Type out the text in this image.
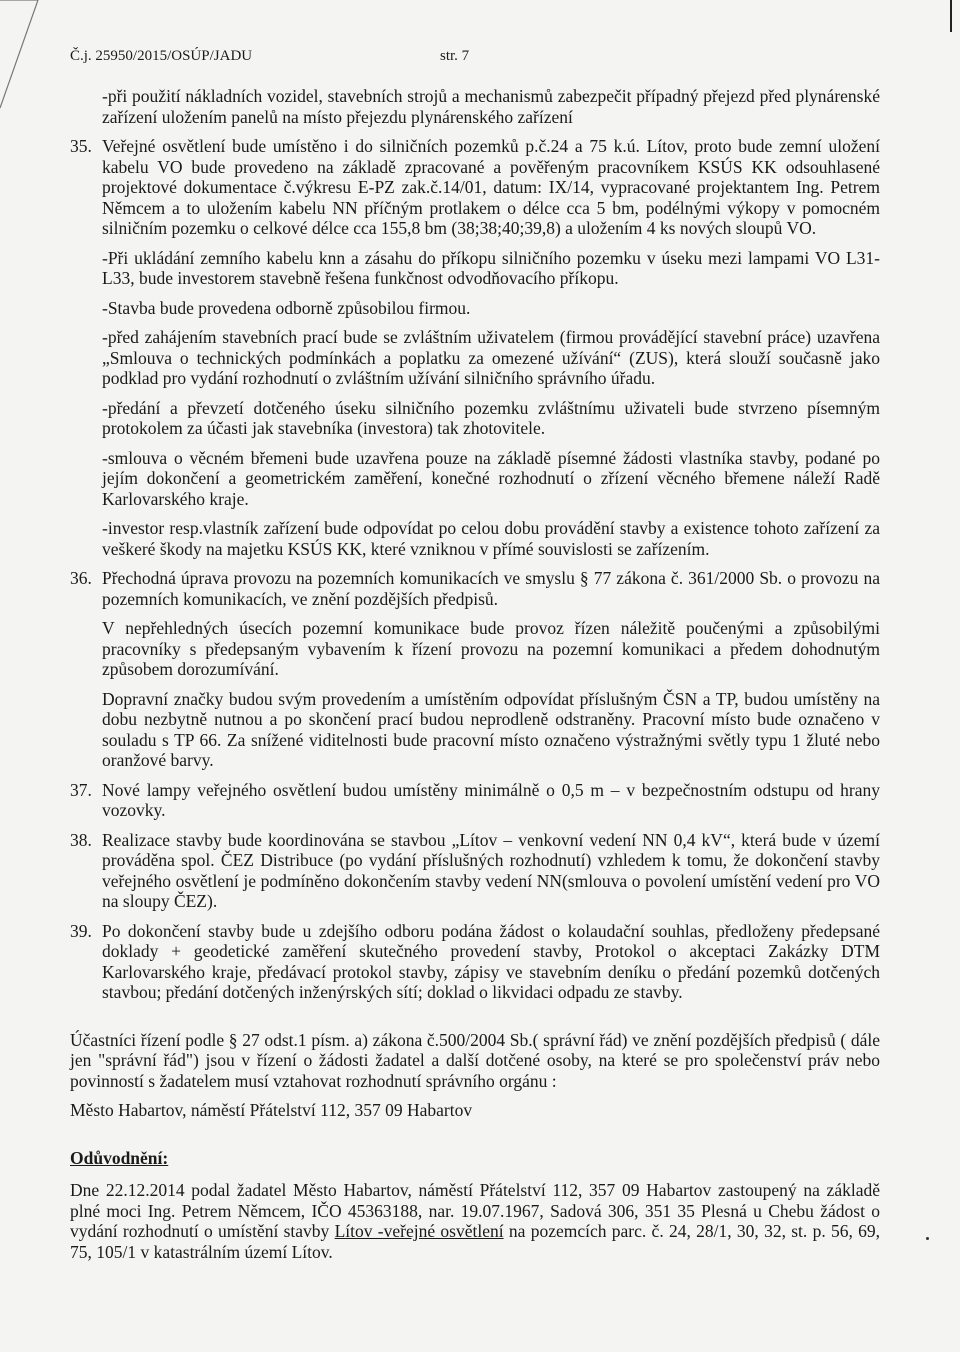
Č.j. 25950/2015/OSÚP/JADU	str. 7

-při použití nákladních vozidel, stavebních strojů a mechanismů zabezpečit případný přejezd před plynárenské zařízení uložením panelů na místo přejezdu plynárenského zařízení

35. Veřejné osvětlení bude umístěno i do silničních pozemků p.č.24 a 75 k.ú. Lítov, proto bude zemní uložení kabelu VO bude provedeno na základě zpracované a pověřeným pracovníkem KSÚS KK odsouhlasené projektové dokumentace č.výkresu E-PZ zak.č.14/01, datum: IX/14, vypracované projektantem Ing. Petrem Němcem a to uložením kabelu NN příčným protlakem o délce cca 5 bm, podélnými výkopy v pomocném silničním pozemku o celkové délce cca 155,8 bm (38;38;40;39,8) a uložením 4 ks nových sloupů VO.

-Při ukládání zemního kabelu knn a zásahu do příkopu silničního pozemku v úseku mezi lampami VO L31-L33, bude investorem stavebně řešena funkčnost odvodňovacího příkopu.

-Stavba bude provedena odborně způsobilou firmou.

-před zahájením stavebních prací bude se zvláštním uživatelem (firmou provádějící stavební práce) uzavřena „Smlouva o technických podmínkách a poplatku za omezené užívání“ (ZUS), která slouží současně jako podklad pro vydání rozhodnutí o zvláštním užívání silničního správního úřadu.

-předání a převzetí dotčeného úseku silničního pozemku zvláštnímu uživateli bude stvrzeno písemným protokolem za účasti jak stavebníka (investora) tak zhotovitele.

-smlouva o věcném břemeni bude uzavřena pouze na základě písemné žádosti vlastníka stavby, podané po jejím dokončení a geometrickém zaměření, konečné rozhodnutí o zřízení věcného břemene náleží Radě Karlovarského kraje.

-investor resp.vlastník zařízení bude odpovídat po celou dobu provádění stavby a existence tohoto zařízení za veškeré škody na majetku KSÚS KK, které vzniknou v přímé souvislosti se zařízením.

36. Přechodná úprava provozu na pozemních komunikacích ve smyslu § 77 zákona č. 361/2000 Sb. o provozu na pozemních komunikacích, ve znění pozdějších předpisů.

V nepřehledných úsecích pozemní komunikace bude provoz řízen náležitě poučenými a způsobilými pracovníky s předepsaným vybavením k řízení provozu na pozemní komunikaci a předem dohodnutým způsobem dorozumívání.

Dopravní značky budou svým provedením a umístěním odpovídat příslušným ČSN a TP, budou umístěny na dobu nezbytně nutnou a po skončení prací budou neprodleně odstraněny. Pracovní místo bude označeno v souladu s TP 66. Za snížené viditelnosti bude pracovní místo označeno výstražnými světly typu 1 žluté nebo oranžové barvy.

37. Nové lampy veřejného osvětlení budou umístěny minimálně o 0,5 m – v bezpečnostním odstupu od hrany vozovky.

38. Realizace stavby bude koordinována se stavbou „Lítov – venkovní vedení NN 0,4 kV“, která bude v území prováděna spol. ČEZ Distribuce (po vydání příslušných rozhodnutí) vzhledem k tomu, že dokončení stavby veřejného osvětlení je podmíněno dokončením stavby vedení NN(smlouva o povolení umístění vedení pro VO na sloupy ČEZ).

39. Po dokončení stavby bude u zdejšího odboru podána žádost o kolaudační souhlas, předloženy předepsané doklady + geodetické zaměření skutečného provedení stavby, Protokol o akceptaci Zakázky DTM Karlovarského kraje, předávací protokol stavby, zápisy ve stavebním deníku o předání pozemků dotčených stavbou; předání dotčených inženýrských sítí; doklad o likvidaci odpadu ze stavby.

Účastníci řízení podle § 27 odst.1 písm. a) zákona č.500/2004 Sb.( správní řád) ve znění pozdějších předpisů ( dále jen "správní řád") jsou v řízení o žádosti žadatel a další dotčené osoby, na které se pro společenství práv nebo povinností s žadatelem musí vztahovat rozhodnutí správního orgánu :

Město Habartov, náměstí Přátelství 112, 357 09 Habartov

Odůvodnění:

Dne 22.12.2014 podal žadatel Město Habartov, náměstí Přátelství 112, 357 09 Habartov zastoupený na základě plné moci Ing. Petrem Němcem, IČO 45363188, nar. 19.07.1967, Sadová 306, 351 35 Plesná u Chebu žádost o vydání rozhodnutí o umístění stavby Lítov -veřejné osvětlení na pozemcích parc. č. 24, 28/1, 30, 32, st. p. 56, 69, 75, 105/1 v katastrálním území Lítov.
